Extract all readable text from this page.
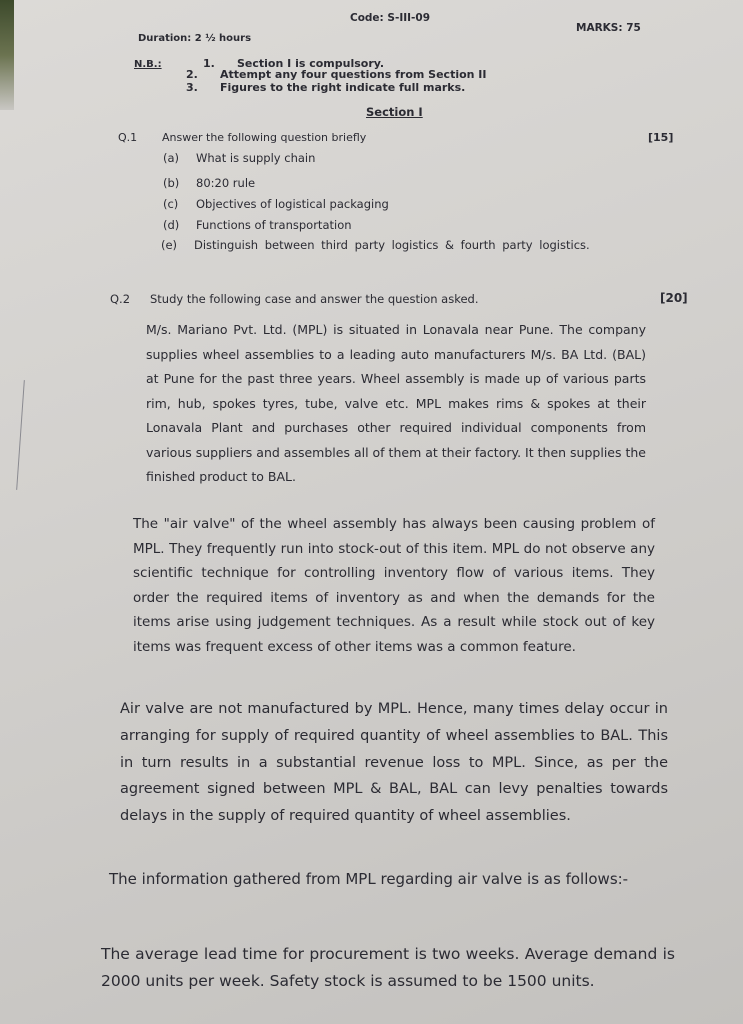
Code: S-III-09
MARKS: 75
Duration: 2 ½ hours
N.B.:	1. Section I is compulsory.
2. Attempt any four questions from Section II
3. Figures to the right indicate full marks.
Section I
Q.1 Answer the following question briefly	[15]
(a) What is supply chain
(b) 80:20 rule
(c) Objectives of logistical packaging
(d) Functions of transportation
(e)	Distinguish between third party logistics & fourth party logistics.
Q.2 Study the following case and answer the question asked.	[20]
M/s. Mariano Pvt. Ltd. (MPL) is situated in Lonavala near Pune. The company supplies wheel assemblies to a leading auto manufacturers M/s. BA Ltd. (BAL) at Pune for the past three years. Wheel assembly is made up of various parts rim, hub, spokes tyres, tube, valve etc. MPL makes rims & spokes at their Lonavala Plant and purchases other required individual components from various suppliers and assembles all of them at their factory. It then supplies the finished product to BAL.
The "air valve" of the wheel assembly has always been causing problem of MPL. They frequently run into stock-out of this item. MPL do not observe any scientific technique for controlling inventory flow of various items. They order the required items of inventory as and when the demands for the items arise using judgement techniques. As a result while stock out of key items was frequent excess of other items was a common feature.
Air valve are not manufactured by MPL. Hence, many times delay occur in arranging for supply of required quantity of wheel assemblies to BAL. This in turn results in a substantial revenue loss to MPL. Since, as per the agreement signed between MPL & BAL, BAL can levy penalties towards delays in the supply of required quantity of wheel assemblies.
The information gathered from MPL regarding air valve is as follows:-
The average lead time for procurement is two weeks. Average demand is 2000 units per week. Safety stock is assumed to be 1500 units.
